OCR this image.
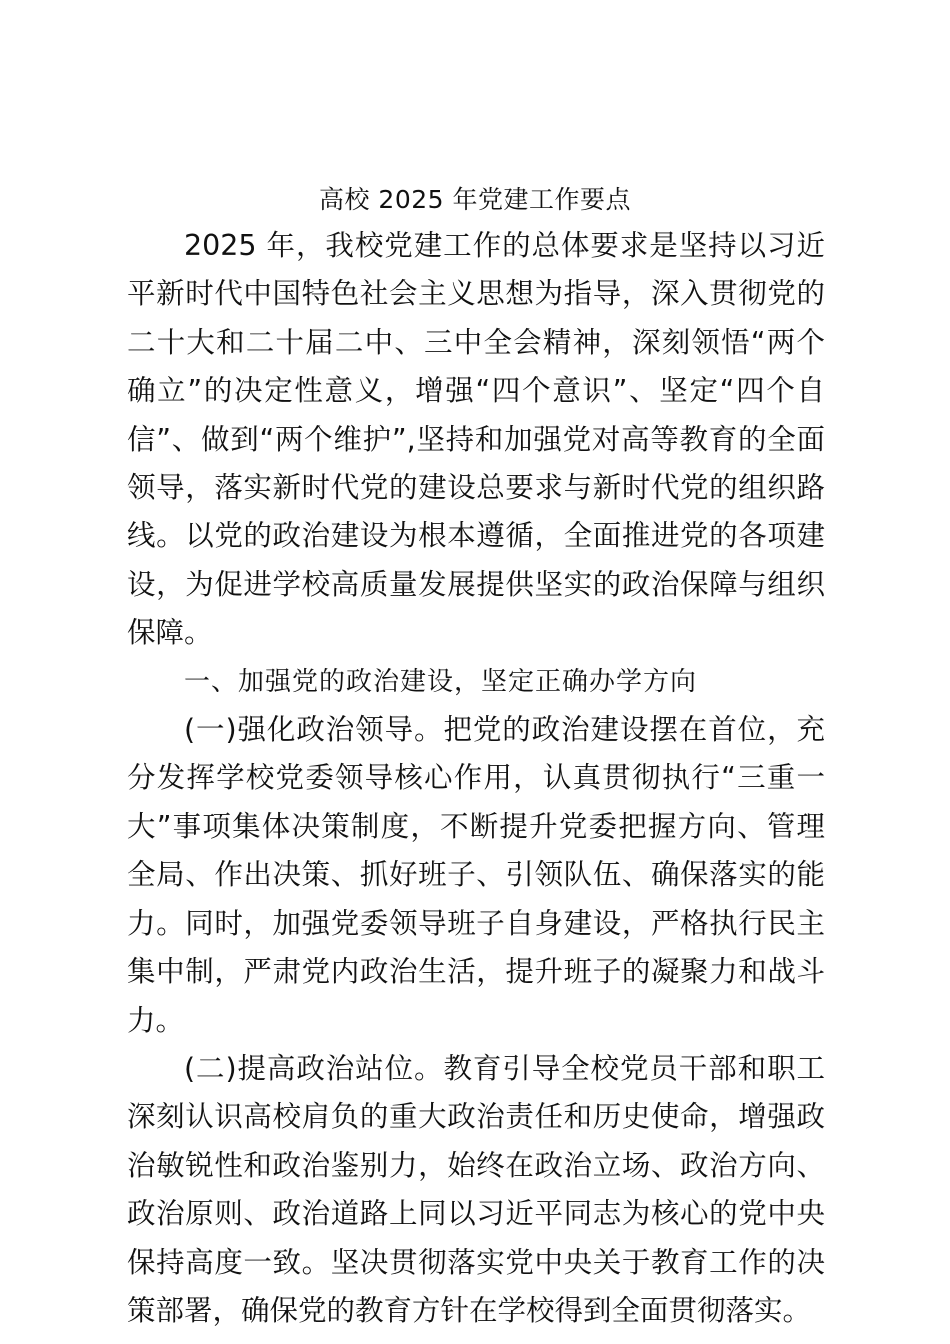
高校 2025 年党建工作要点

2025 年，我校党建工作的总体要求是坚持以习近平新时代中国特色社会主义思想为指导，深入贯彻党的二十大和二十届二中、三中全会精神，深刻领悟“两个确立”的决定性意义，增强“四个意识”、坚定“四个自信”、做到“两个维护”,坚持和加强党对高等教育的全面领导，落实新时代党的建设总要求与新时代党的组织路线。以党的政治建设为根本遵循，全面推进党的各项建设，为促进学校高质量发展提供坚实的政治保障与组织保障。

一、加强党的政治建设，坚定正确办学方向

(一)强化政治领导。把党的政治建设摆在首位，充分发挥学校党委领导核心作用，认真贯彻执行“三重一大”事项集体决策制度，不断提升党委把握方向、管理全局、作出决策、抓好班子、引领队伍、确保落实的能力。同时，加强党委领导班子自身建设，严格执行民主集中制，严肃党内政治生活，提升班子的凝聚力和战斗力。

(二)提高政治站位。教育引导全校党员干部和职工深刻认识高校肩负的重大政治责任和历史使命，增强政治敏锐性和政治鉴别力，始终在政治立场、政治方向、政治原则、政治道路上同以习近平同志为核心的党中央保持高度一致。坚决贯彻落实党中央关于教育工作的决策部署，确保党的教育方针在学校得到全面贯彻落实。
